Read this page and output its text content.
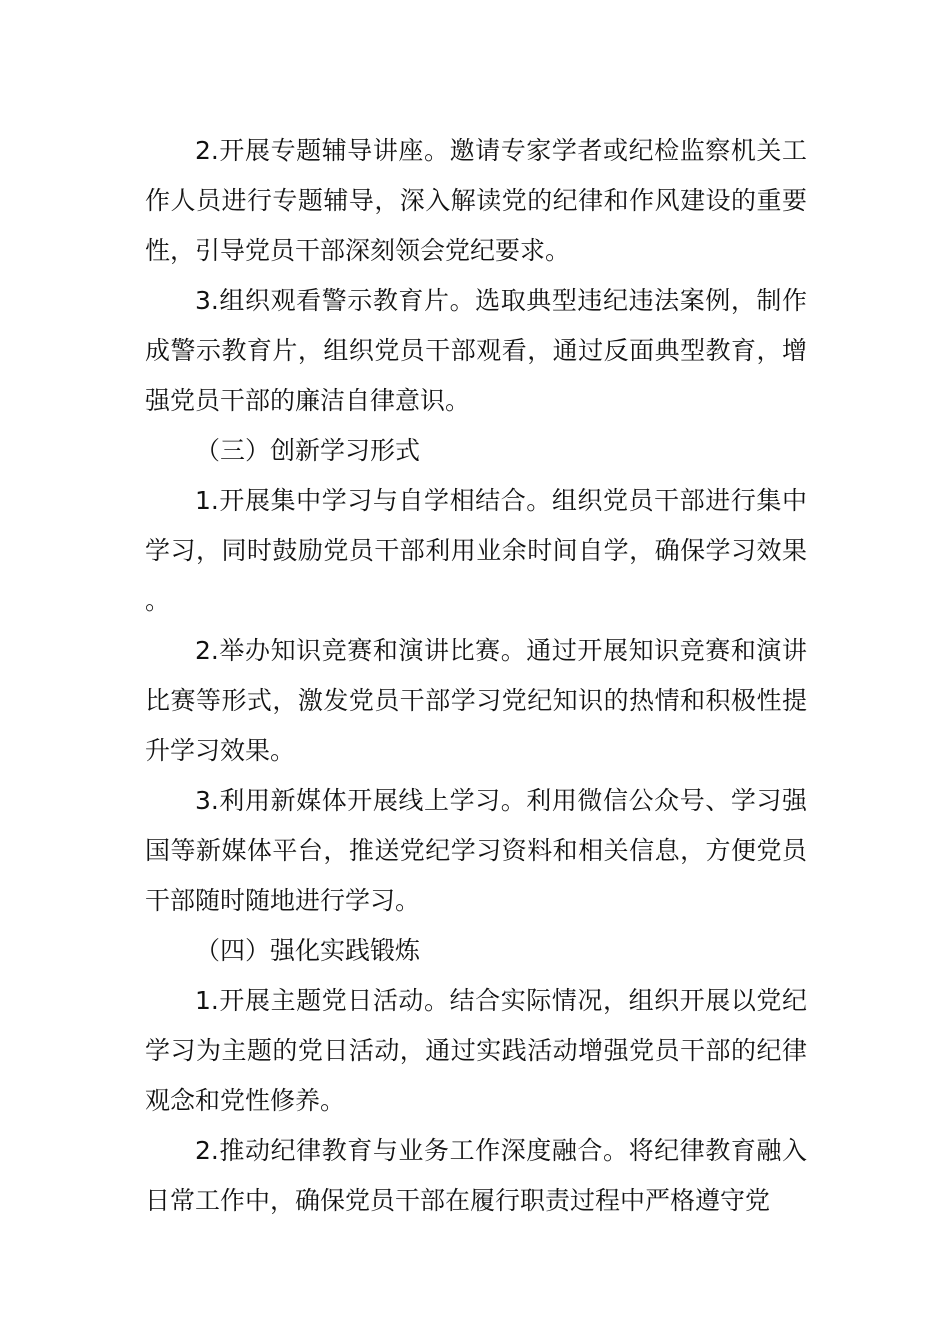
2.开展专题辅导讲座。邀请专家学者或纪检监察机关工作人员进行专题辅导，深入解读党的纪律和作风建设的重要性，引导党员干部深刻领会党纪要求。

3.组织观看警示教育片。选取典型违纪违法案例，制作成警示教育片，组织党员干部观看，通过反面典型教育，增强党员干部的廉洁自律意识。

（三）创新学习形式

1.开展集中学习与自学相结合。组织党员干部进行集中学习，同时鼓励党员干部利用业余时间自学，确保学习效果。

2.举办知识竞赛和演讲比赛。通过开展知识竞赛和演讲比赛等形式，激发党员干部学习党纪知识的热情和积极性提升学习效果。

3.利用新媒体开展线上学习。利用微信公众号、学习强国等新媒体平台，推送党纪学习资料和相关信息，方便党员干部随时随地进行学习。

（四）强化实践锻炼

1.开展主题党日活动。结合实际情况，组织开展以党纪学习为主题的党日活动，通过实践活动增强党员干部的纪律观念和党性修养。

2.推动纪律教育与业务工作深度融合。将纪律教育融入日常工作中，确保党员干部在履行职责过程中严格遵守党
